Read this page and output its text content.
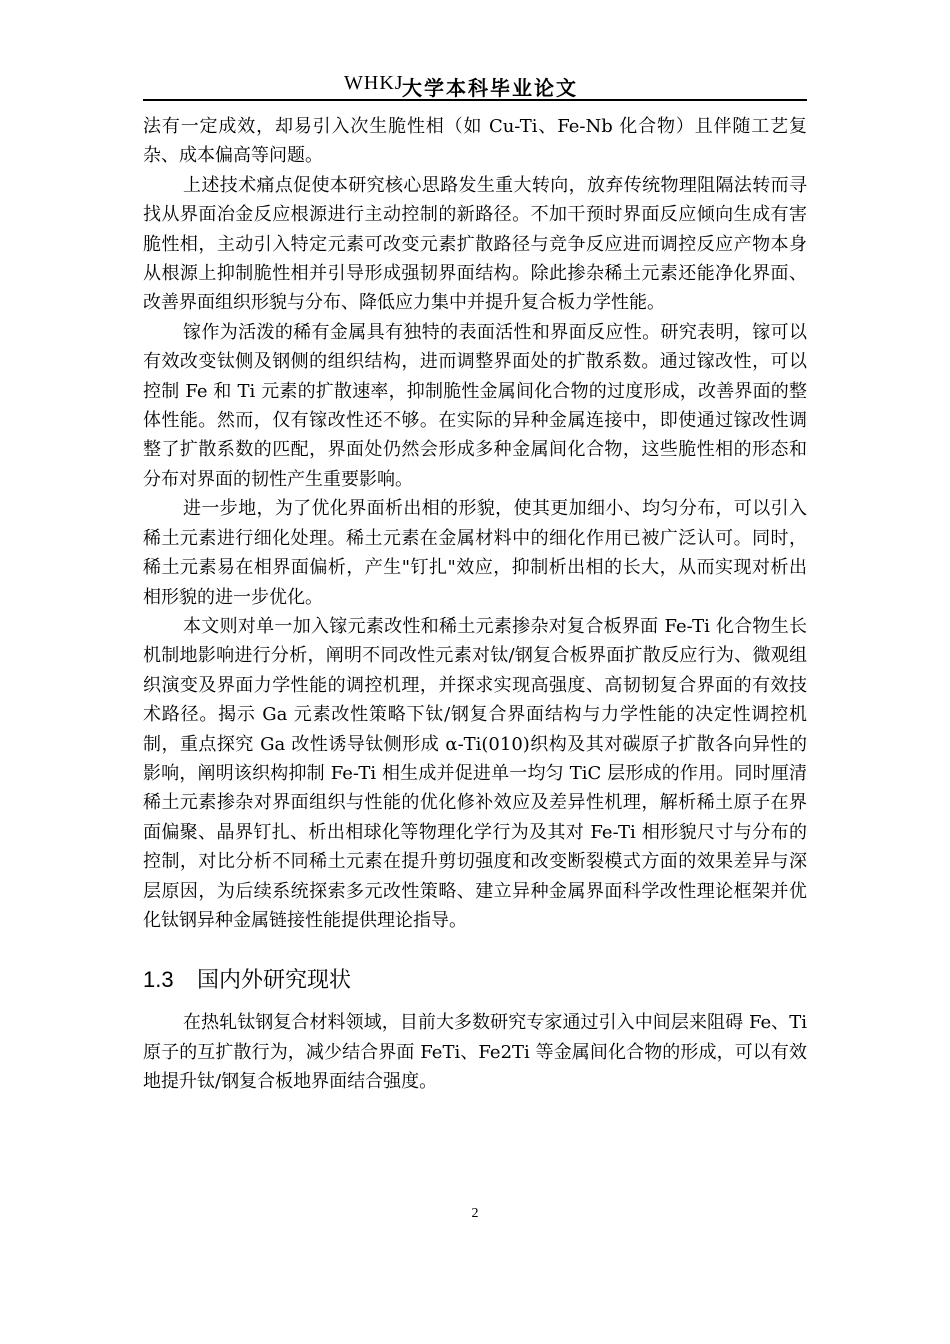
WHKJ
大学本科毕业论文

法有一定成效，却易引入次生脆性相（如 Cu-Ti、Fe-Nb 化合物）且伴随工艺复杂、成本偏高等问题。

上述技术痛点促使本研究核心思路发生重大转向，放弃传统物理阻隔法转而寻找从界面冶金反应根源进行主动控制的新路径。不加干预时界面反应倾向生成有害脆性相，主动引入特定元素可改变元素扩散路径与竞争反应进而调控反应产物本身从根源上抑制脆性相并引导形成强韧界面结构。除此掺杂稀土元素还能净化界面、改善界面组织形貌与分布、降低应力集中并提升复合板力学性能。

镓作为活泼的稀有金属具有独特的表面活性和界面反应性。研究表明，镓可以有效改变钛侧及钢侧的组织结构，进而调整界面处的扩散系数。通过镓改性，可以控制 Fe 和 Ti 元素的扩散速率，抑制脆性金属间化合物的过度形成，改善界面的整体性能。然而，仅有镓改性还不够。在实际的异种金属连接中，即使通过镓改性调整了扩散系数的匹配，界面处仍然会形成多种金属间化合物，这些脆性相的形态和分布对界面的韧性产生重要影响。

进一步地，为了优化界面析出相的形貌，使其更加细小、均匀分布，可以引入稀土元素进行细化处理。稀土元素在金属材料中的细化作用已被广泛认可。同时，稀土元素易在相界面偏析，产生"钉扎"效应，抑制析出相的长大，从而实现对析出相形貌的进一步优化。

本文则对单一加入镓元素改性和稀土元素掺杂对复合板界面 Fe-Ti 化合物生长机制地影响进行分析，阐明不同改性元素对钛/钢复合板界面扩散反应行为、微观组织演变及界面力学性能的调控机理，并探求实现高强度、高韧韧复合界面的有效技术路径。揭示 Ga 元素改性策略下钛/钢复合界面结构与力学性能的决定性调控机制，重点探究 Ga 改性诱导钛侧形成 α-Ti(010)织构及其对碳原子扩散各向异性的影响，阐明该织构抑制 Fe-Ti 相生成并促进单一均匀 TiC 层形成的作用。同时厘清稀土元素掺杂对界面组织与性能的优化修补效应及差异性机理，解析稀土原子在界面偏聚、晶界钉扎、析出相球化等物理化学行为及其对 Fe-Ti 相形貌尺寸与分布的控制，对比分析不同稀土元素在提升剪切强度和改变断裂模式方面的效果差异与深层原因，为后续系统探索多元改性策略、建立异种金属界面科学改性理论框架并优化钛钢异种金属链接性能提供理论指导。

1.3 国内外研究现状

在热轧钛钢复合材料领域，目前大多数研究专家通过引入中间层来阻碍 Fe、Ti 原子的互扩散行为，减少结合界面 FeTi、Fe2Ti 等金属间化合物的形成，可以有效地提升钛/钢复合板地界面结合强度。

2
